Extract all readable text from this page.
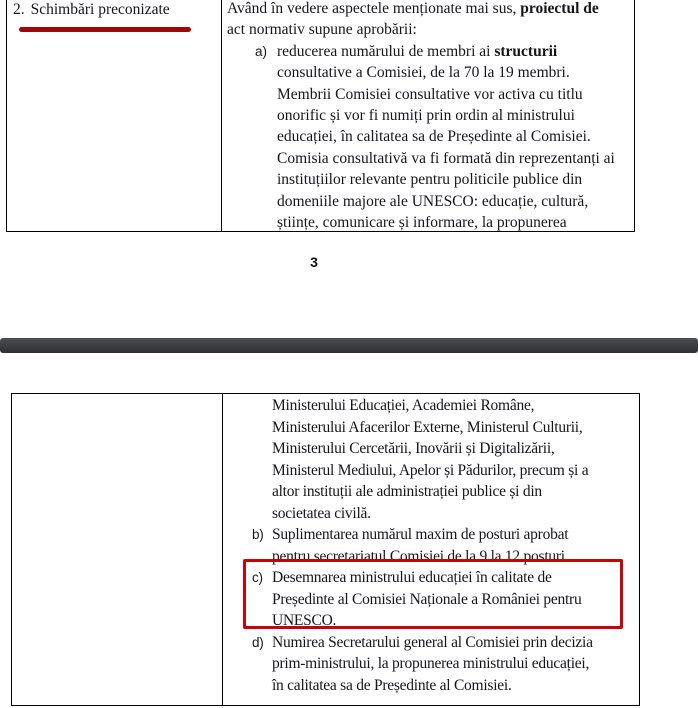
2. Schimbări preconizate	Având în vedere aspectele menționate mai sus, proiectul de
act normativ supune aprobării:
a) reducerea numărului de membri ai structurii
consultative a Comisiei, de la 70 la 19 membri.
Membrii Comisiei consultative vor activa cu titlu
onorific și vor fi numiți prin ordin al ministrului
educației, în calitatea sa de Președinte al Comisiei.
Comisia consultativă va fi formată din reprezentanți ai
instituțiilor relevante pentru politicile publice din
domeniile majore ale UNESCO: educație, cultură,
științe, comunicare și informare, la propunerea
3
Ministerului Educației, Academiei Române,
Ministerului Afacerilor Externe, Ministerul Culturii,
Ministerului Cercetării, Inovării și Digitalizării,
Ministerul Mediului, Apelor și Pădurilor, precum și a
altor instituții ale administrației publice și din
societatea civilă.
b) Suplimentarea numărul maxim de posturi aprobat
pentru secretariatul Comisiei de la 9 la 12 posturi.
c) Desemnarea ministrului educației în calitate de
Președinte al Comisiei Naționale a României pentru
UNESCO.
d) Numirea Secretarului general al Comisiei prin decizia
prim-ministrului, la propunerea ministrului educației,
în calitatea sa de Președinte al Comisiei.
